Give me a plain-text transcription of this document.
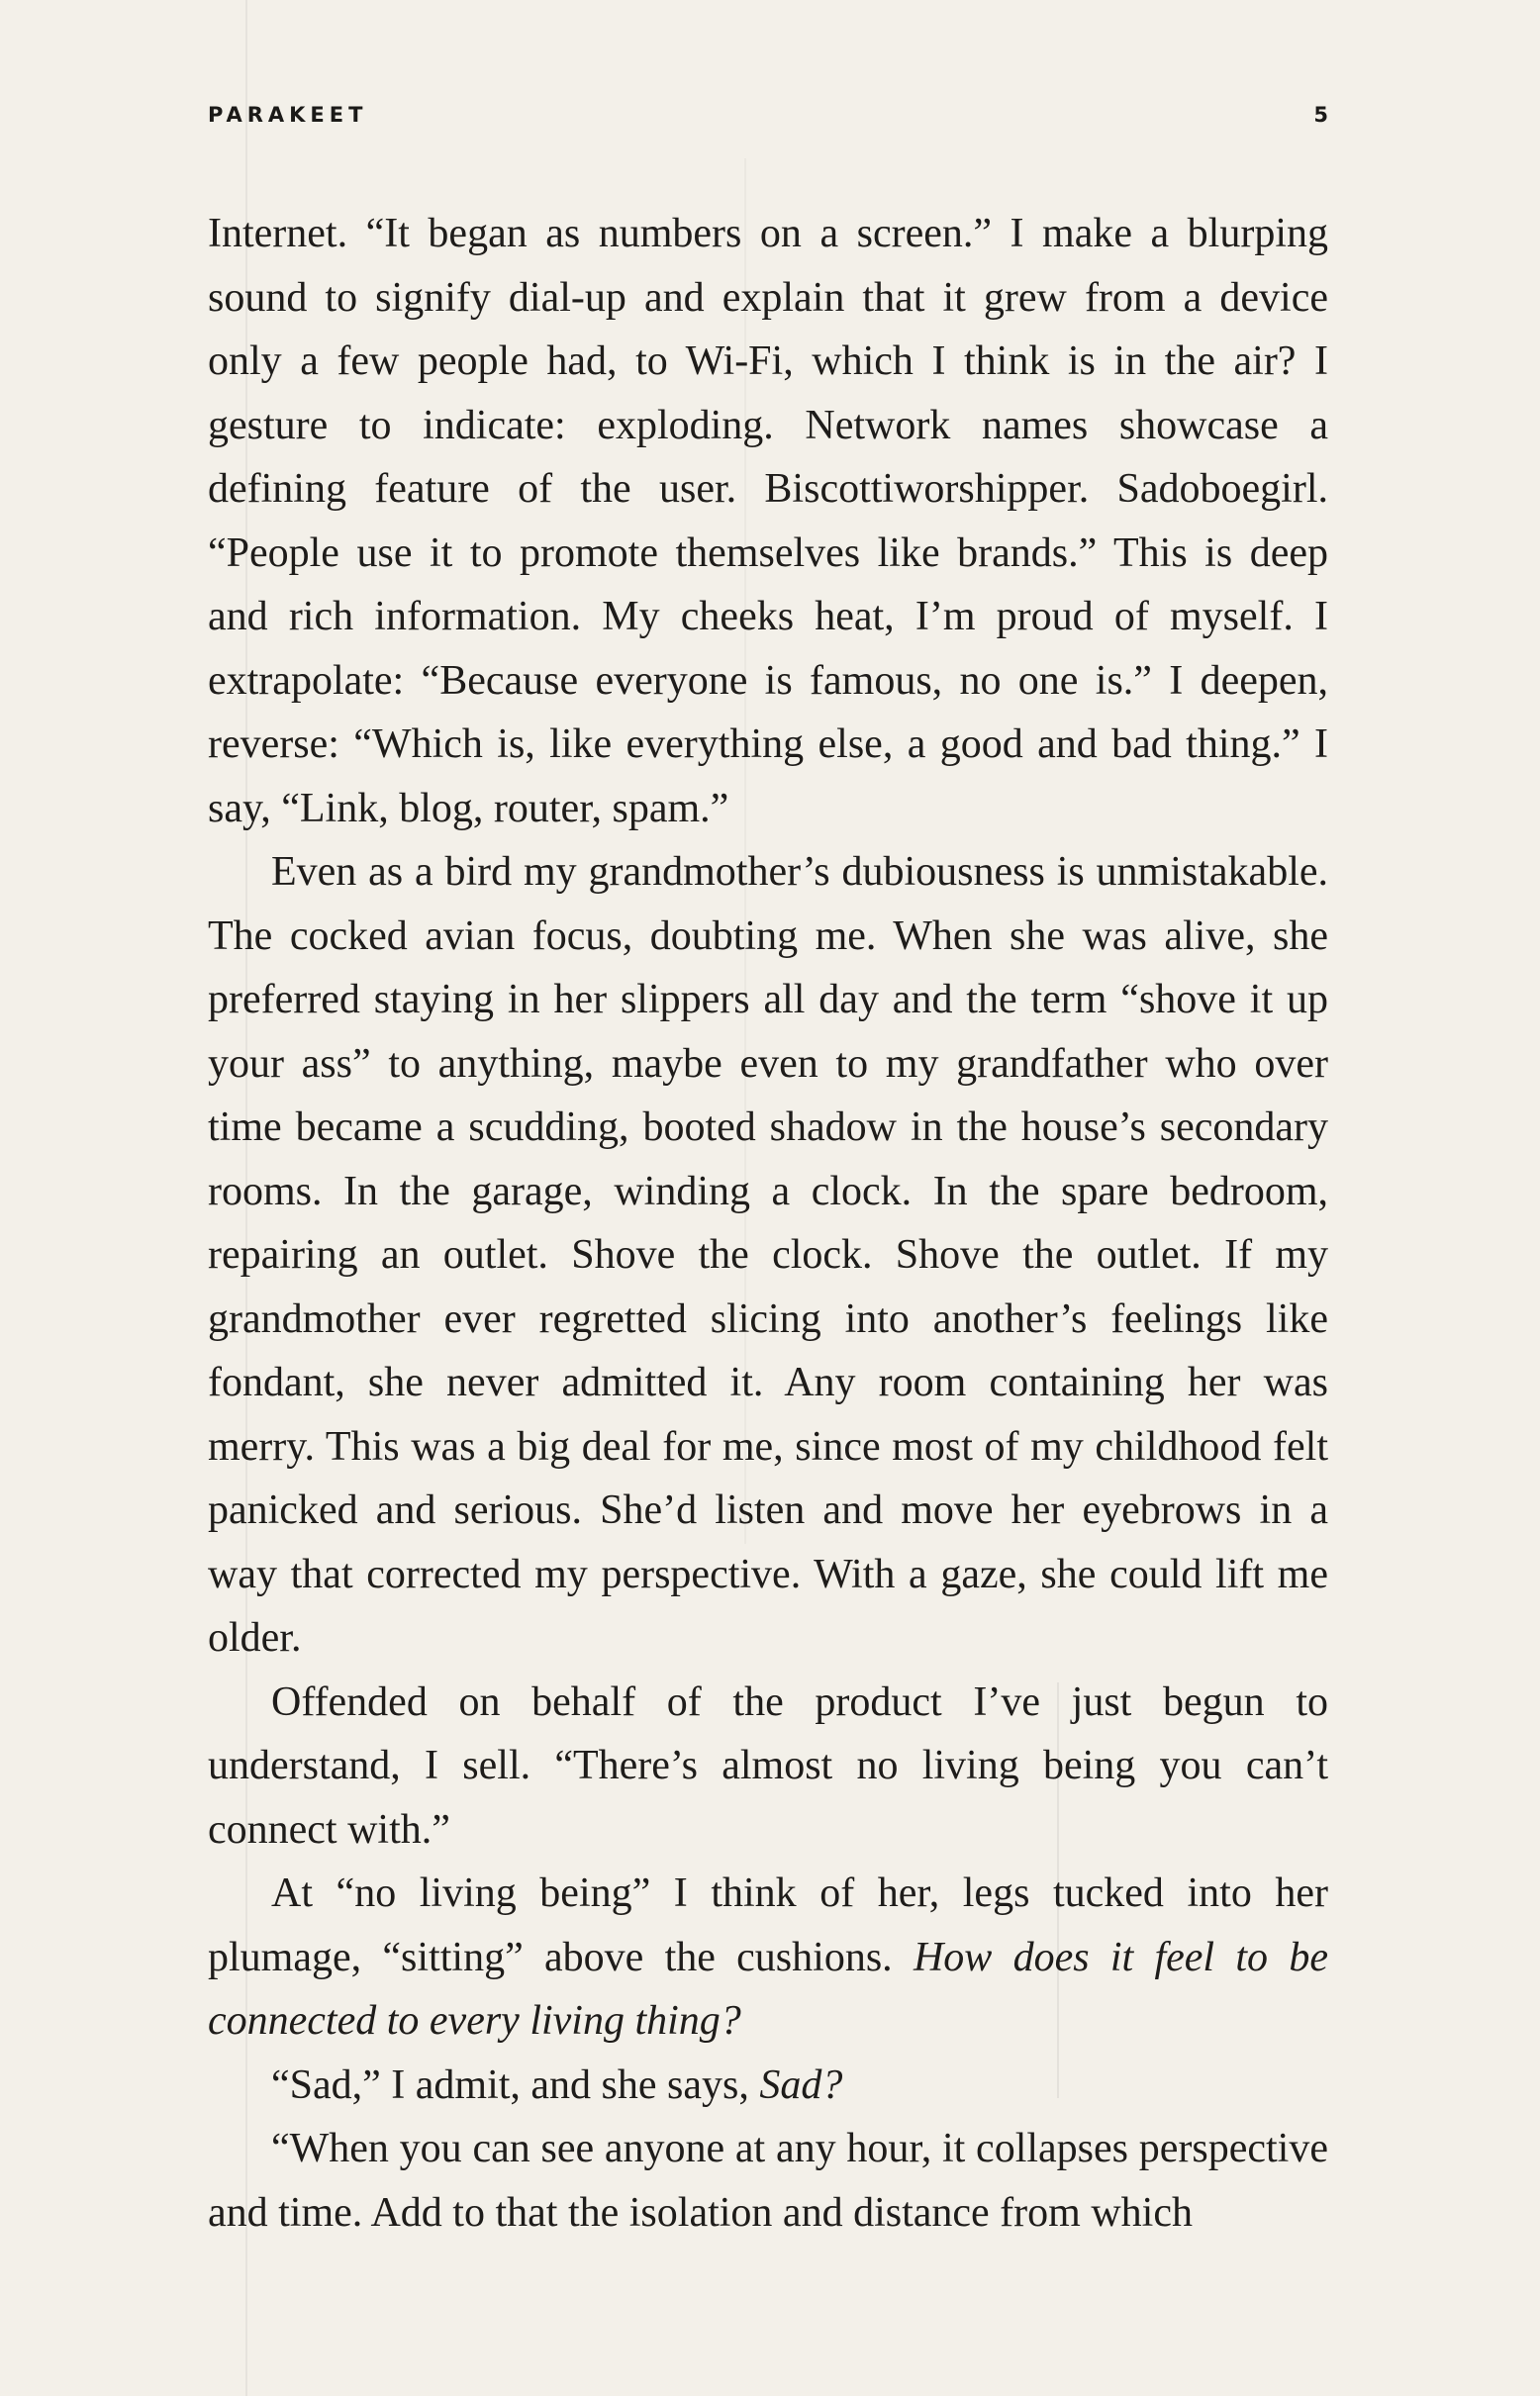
PARAKEET	5

Internet. “It began as numbers on a screen.” I make a blurping sound to signify dial-up and explain that it grew from a device only a few people had, to Wi-Fi, which I think is in the air? I gesture to indicate: exploding. Network names showcase a defining feature of the user. Biscottiworshipper. Sadoboegirl. “People use it to promote themselves like brands.” This is deep and rich information. My cheeks heat, I’m proud of myself. I extrapolate: “Because everyone is famous, no one is.” I deepen, reverse: “Which is, like everything else, a good and bad thing.” I say, “Link, blog, router, spam.”

Even as a bird my grandmother’s dubiousness is unmistakable. The cocked avian focus, doubting me. When she was alive, she preferred staying in her slippers all day and the term “shove it up your ass” to anything, maybe even to my grandfather who over time became a scudding, booted shadow in the house’s secondary rooms. In the garage, winding a clock. In the spare bedroom, repairing an outlet. Shove the clock. Shove the outlet. If my grandmother ever regretted slicing into another’s feelings like fondant, she never admitted it. Any room containing her was merry. This was a big deal for me, since most of my childhood felt panicked and serious. She’d listen and move her eyebrows in a way that corrected my perspective. With a gaze, she could lift me older.

Offended on behalf of the product I’ve just begun to understand, I sell. “There’s almost no living being you can’t connect with.”

At “no living being” I think of her, legs tucked into her plumage, “sitting” above the cushions. How does it feel to be connected to every living thing?

“Sad,” I admit, and she says, Sad?

“When you can see anyone at any hour, it collapses perspective and time. Add to that the isolation and distance from which
